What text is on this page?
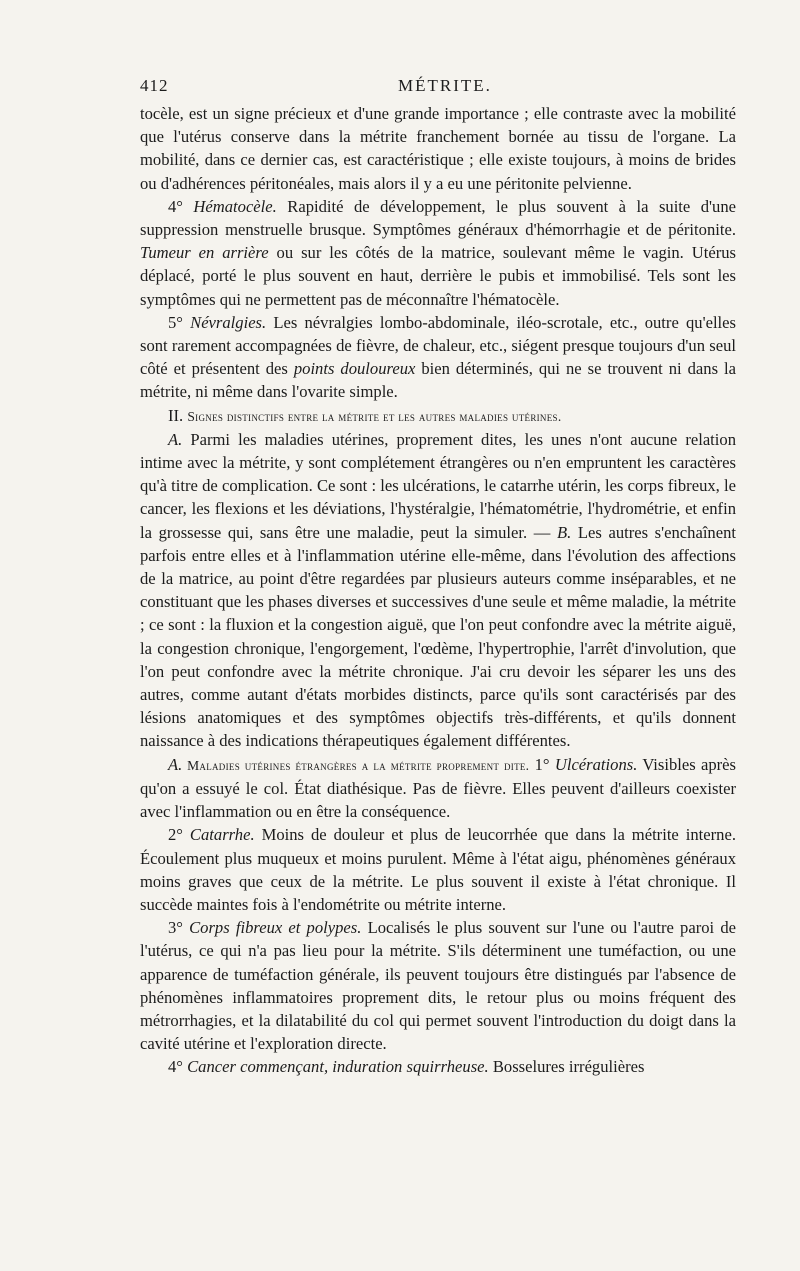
412	MÉTRITE.

tocèle, est un signe précieux et d'une grande importance ; elle contraste avec la mobilité que l'utérus conserve dans la métrite franchement bornée au tissu de l'organe. La mobilité, dans ce dernier cas, est caractéristique ; elle existe toujours, à moins de brides ou d'adhérences péritonéales, mais alors il y a eu une péritonite pelvienne.

4° Hématocèle. Rapidité de développement, le plus souvent à la suite d'une suppression menstruelle brusque. Symptômes généraux d'hémorrhagie et de péritonite. Tumeur en arrière ou sur les côtés de la matrice, soulevant même le vagin. Utérus déplacé, porté le plus souvent en haut, derrière le pubis et immobilisé. Tels sont les symptômes qui ne permettent pas de méconnaître l'hématocèle.

5° Névralgies. Les névralgies lombo-abdominale, iléo-scrotale, etc., outre qu'elles sont rarement accompagnées de fièvre, de chaleur, etc., siégent presque toujours d'un seul côté et présentent des points douloureux bien déterminés, qui ne se trouvent ni dans la métrite, ni même dans l'ovarite simple.

II. Signes distinctifs entre la métrite et les autres maladies utérines.

A. Parmi les maladies utérines, proprement dites, les unes n'ont aucune relation intime avec la métrite, y sont complétement étrangères ou n'en empruntent les caractères qu'à titre de complication. Ce sont : les ulcérations, le catarrhe utérin, les corps fibreux, le cancer, les flexions et les déviations, l'hystéralgie, l'hématométrie, l'hydrométrie, et enfin la grossesse qui, sans être une maladie, peut la simuler. — B. Les autres s'enchaînent parfois entre elles et à l'inflammation utérine elle-même, dans l'évolution des affections de la matrice, au point d'être regardées par plusieurs auteurs comme inséparables, et ne constituant que les phases diverses et successives d'une seule et même maladie, la métrite ; ce sont : la fluxion et la congestion aiguë, que l'on peut confondre avec la métrite aiguë, la congestion chronique, l'engorgement, l'œdème, l'hypertrophie, l'arrêt d'involution, que l'on peut confondre avec la métrite chronique. J'ai cru devoir les séparer les uns des autres, comme autant d'états morbides distincts, parce qu'ils sont caractérisés par des lésions anatomiques et des symptômes objectifs très-différents, et qu'ils donnent naissance à des indications thérapeutiques également différentes.

A. Maladies utérines étrangères a la métrite proprement dite. 1° Ulcérations. Visibles après qu'on a essuyé le col. État diathésique. Pas de fièvre. Elles peuvent d'ailleurs coexister avec l'inflammation ou en être la conséquence.

2° Catarrhe. Moins de douleur et plus de leucorrhée que dans la métrite interne. Écoulement plus muqueux et moins purulent. Même à l'état aigu, phénomènes généraux moins graves que ceux de la métrite. Le plus souvent il existe à l'état chronique. Il succède maintes fois à l'endométrite ou métrite interne.

3° Corps fibreux et polypes. Localisés le plus souvent sur l'une ou l'autre paroi de l'utérus, ce qui n'a pas lieu pour la métrite. S'ils déterminent une tuméfaction, ou une apparence de tuméfaction générale, ils peuvent toujours être distingués par l'absence de phénomènes inflammatoires proprement dits, le retour plus ou moins fréquent des métrorrhagies, et la dilatabilité du col qui permet souvent l'introduction du doigt dans la cavité utérine et l'exploration directe.

4° Cancer commençant, induration squirrheuse. Bosselures irrégulières
